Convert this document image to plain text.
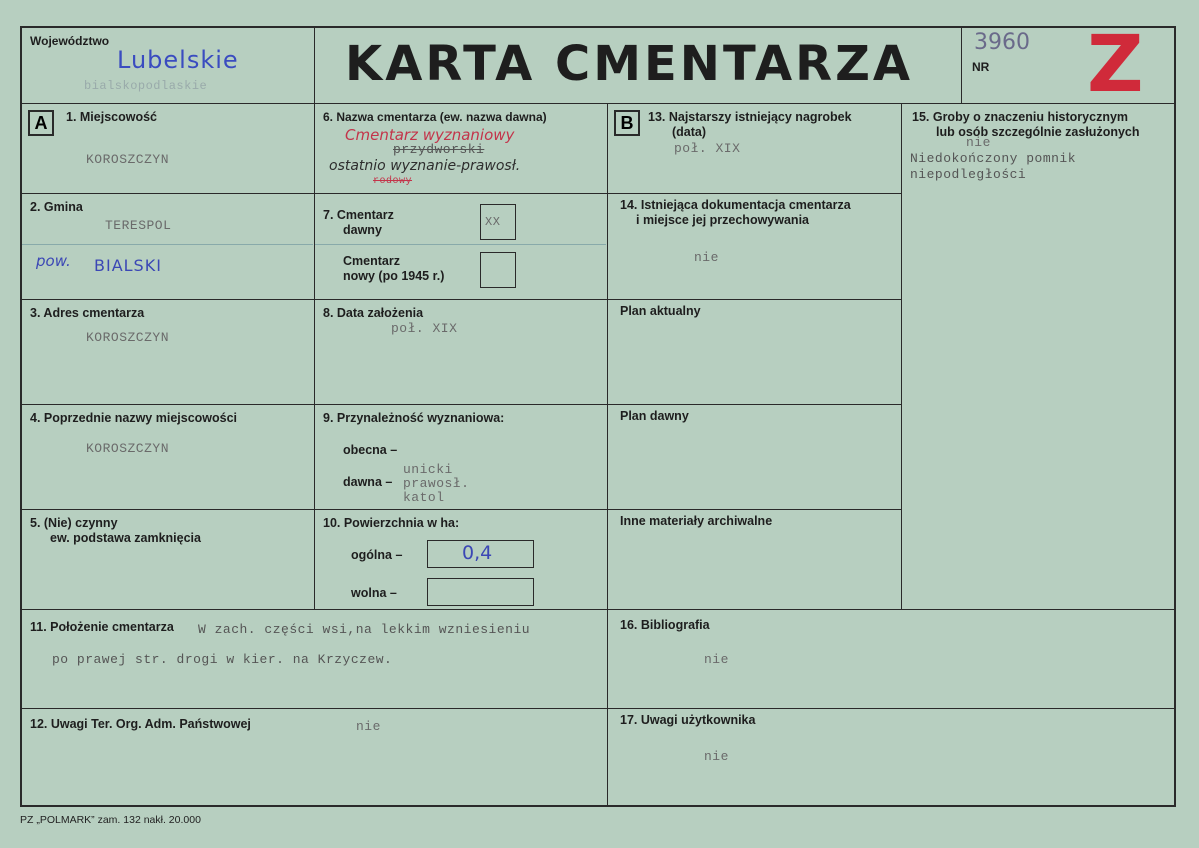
Województwo
Lubelskie
bialskopodlaskie	KARTA CMENTARZA	3960
NR Z
A	1. Miejscowość
KOROSZCZYN
2. Gmina
TERESPOL
pow. BIALSKI
3. Adres cmentarza
KOROSZCZYN
4. Poprzednie nazwy miejscowości
KOROSZCZYN
5. (Nie) czynny
ew. podstawa zamknięcia
6. Nazwa cmentarza (ew. nazwa dawna)
Cmentarz wyznaniowy
przydworski
ostatnio wyznanie-prawosł.
rodowy
7. Cmentarz
dawny
XX
Cmentarz
nowy (po 1945 r.)
8. Data założenia
poł. XIX
9. Przynależność wyznaniowa:
obecna –
dawna –
unicki
prawosł.
katol
10. Powierzchnia w ha:
ogólna –	0,4
wolna –
B	13. Najstarszy istniejący nagrobek
(data)
poł. XIX
14. Istniejąca dokumentacja cmentarza
i miejsce jej przechowywania
nie
Plan aktualny
Plan dawny
Inne materiały archiwalne
15. Groby o znaczeniu historycznym
lub osób szczególnie zasłużonych
nie
Niedokończony pomnik
niepodległości
11. Położenie cmentarza W zach. części wsi,na lekkim wzniesieniu
po prawej str. drogi w kier. na Krzyczew.
16. Bibliografia
nie
12. Uwagi Ter. Org. Adm. Państwowej	nie	17. Uwagi użytkownika
nie
PZ „POLMARK” zam. 132 nakł. 20.000
